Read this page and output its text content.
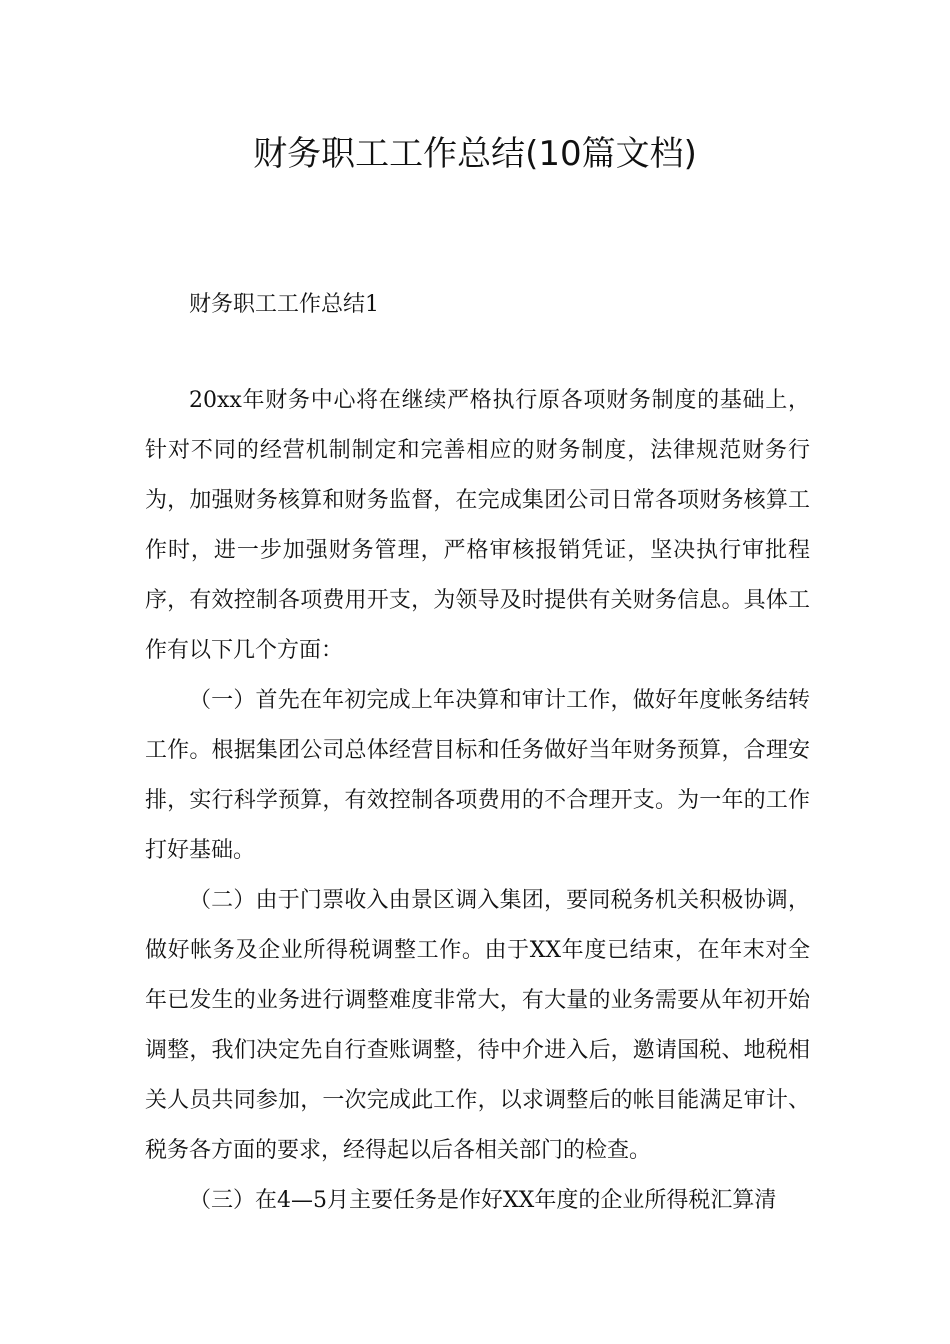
财务职工工作总结(10篇文档)

财务职工工作总结1

20xx年财务中心将在继续严格执行原各项财务制度的基础上，针对不同的经营机制制定和完善相应的财务制度，法律规范财务行为，加强财务核算和财务监督，在完成集团公司日常各项财务核算工作时，进一步加强财务管理，严格审核报销凭证，坚决执行审批程序，有效控制各项费用开支，为领导及时提供有关财务信息。具体工作有以下几个方面：

（一）首先在年初完成上年决算和审计工作，做好年度帐务结转工作。根据集团公司总体经营目标和任务做好当年财务预算，合理安排，实行科学预算，有效控制各项费用的不合理开支。为一年的工作打好基础。

（二）由于门票收入由景区调入集团，要同税务机关积极协调，做好帐务及企业所得税调整工作。由于XX年度已结束，在年末对全年已发生的业务进行调整难度非常大，有大量的业务需要从年初开始调整，我们决定先自行查账调整，待中介进入后，邀请国税、地税相关人员共同参加，一次完成此工作，以求调整后的帐目能满足审计、税务各方面的要求，经得起以后各相关部门的检查。

（三）在4—5月主要任务是作好XX年度的企业所得税汇算清
